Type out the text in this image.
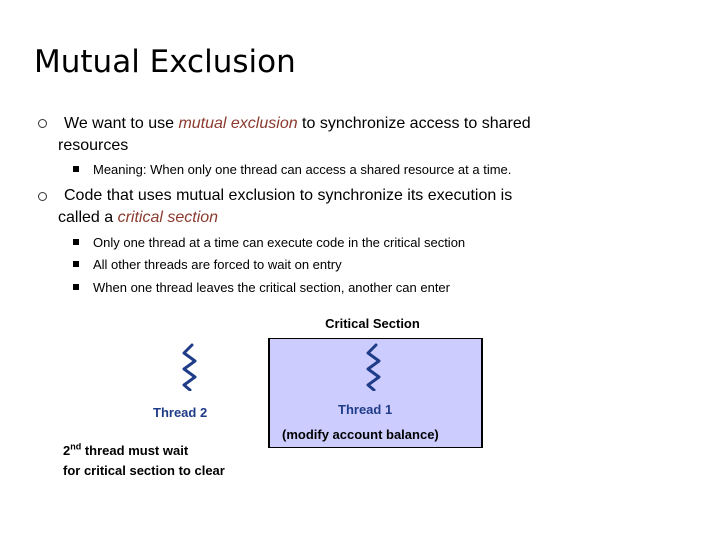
Mutual Exclusion
We want to use mutual exclusion to synchronize access to shared
resources
Meaning: When only one thread can access a shared resource at a time.
Code that uses mutual exclusion to synchronize its execution is
called a critical section
Only one thread at a time can execute code in the critical section
All other threads are forced to wait on entry
When one thread leaves the critical section, another can enter
Critical Section
Thread 1
(modify account balance)
Thread 2
2nd thread must wait
for critical section to clear
